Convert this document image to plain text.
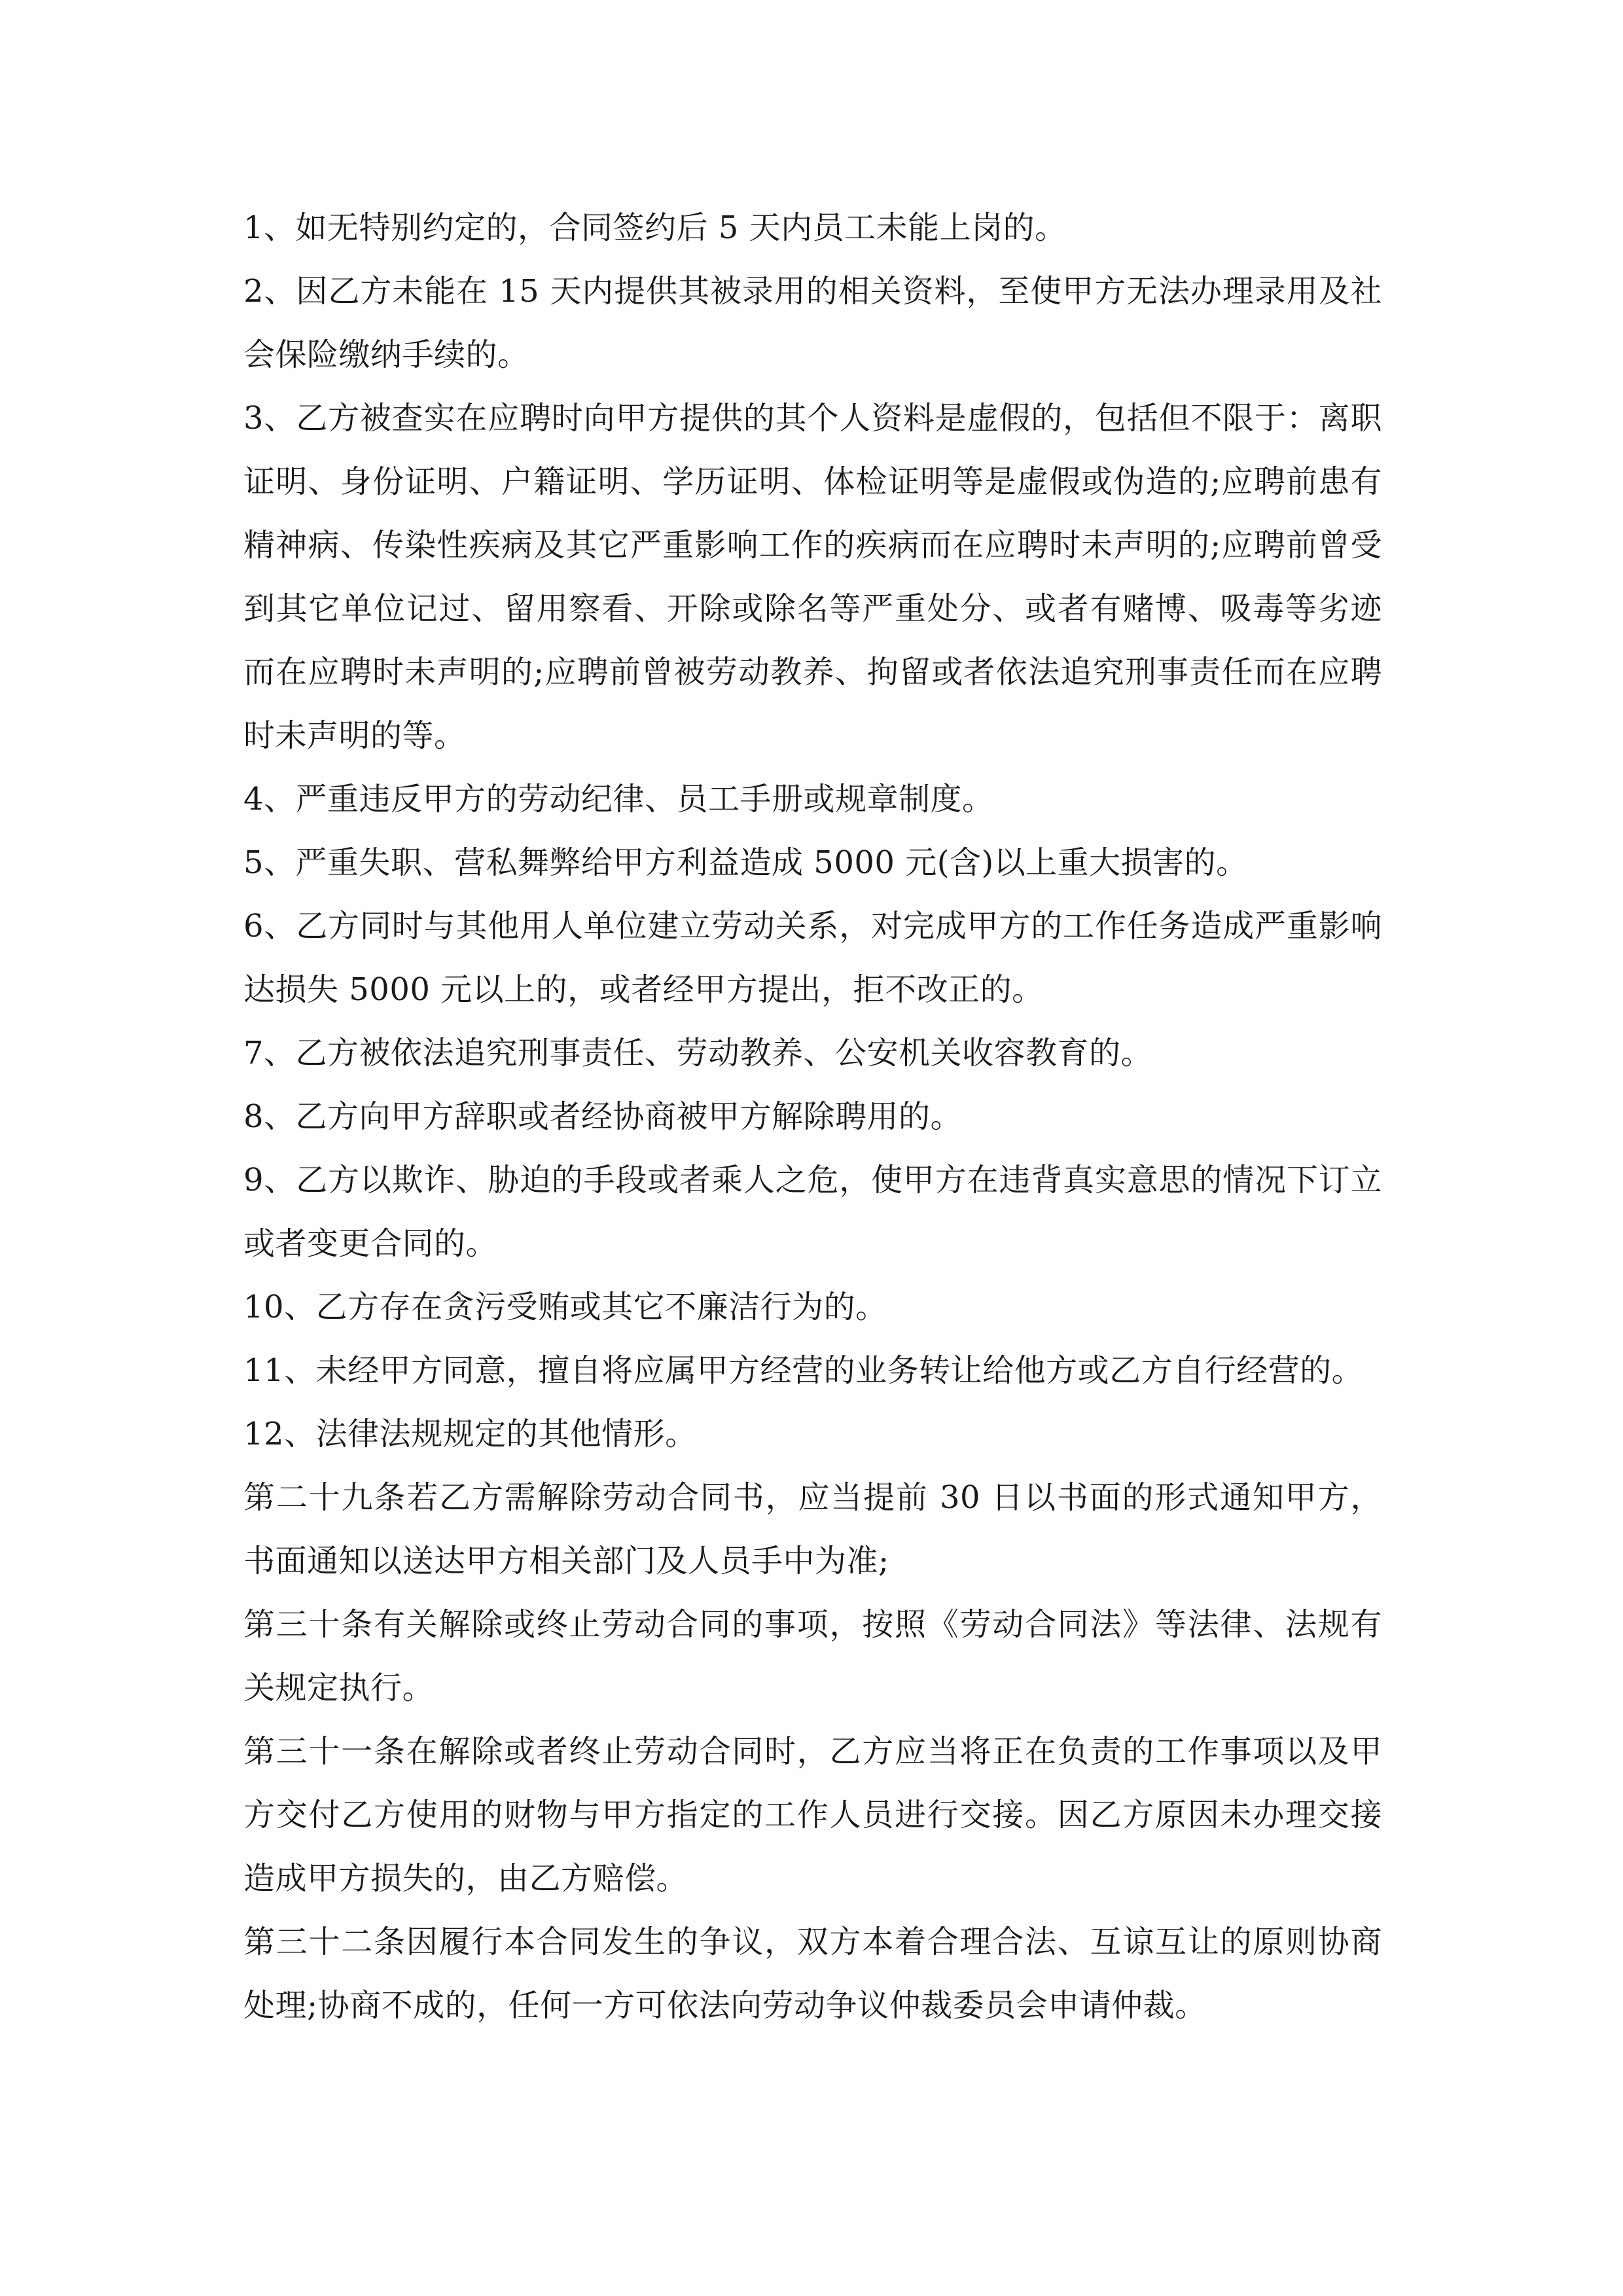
1、如无特别约定的，合同签约后 5 天内员工未能上岗的。

2、因乙方未能在 15 天内提供其被录用的相关资料，至使甲方无法办理录用及社会保险缴纳手续的。

3、乙方被查实在应聘时向甲方提供的其个人资料是虚假的，包括但不限于：离职证明、身份证明、户籍证明、学历证明、体检证明等是虚假或伪造的;应聘前患有精神病、传染性疾病及其它严重影响工作的疾病而在应聘时未声明的;应聘前曾受到其它单位记过、留用察看、开除或除名等严重处分、或者有赌博、吸毒等劣迹而在应聘时未声明的;应聘前曾被劳动教养、拘留或者依法追究刑事责任而在应聘时未声明的等。

4、严重违反甲方的劳动纪律、员工手册或规章制度。

5、严重失职、营私舞弊给甲方利益造成 5000 元(含)以上重大损害的。

6、乙方同时与其他用人单位建立劳动关系，对完成甲方的工作任务造成严重影响达损失 5000 元以上的，或者经甲方提出，拒不改正的。

7、乙方被依法追究刑事责任、劳动教养、公安机关收容教育的。

8、乙方向甲方辞职或者经协商被甲方解除聘用的。

9、乙方以欺诈、胁迫的手段或者乘人之危，使甲方在违背真实意思的情况下订立或者变更合同的。

10、乙方存在贪污受贿或其它不廉洁行为的。

11、未经甲方同意，擅自将应属甲方经营的业务转让给他方或乙方自行经营的。

12、法律法规规定的其他情形。

第二十九条若乙方需解除劳动合同书，应当提前 30 日以书面的形式通知甲方，书面通知以送达甲方相关部门及人员手中为准;

第三十条有关解除或终止劳动合同的事项，按照《劳动合同法》等法律、法规有关规定执行。

第三十一条在解除或者终止劳动合同时，乙方应当将正在负责的工作事项以及甲方交付乙方使用的财物与甲方指定的工作人员进行交接。因乙方原因未办理交接造成甲方损失的，由乙方赔偿。

第三十二条因履行本合同发生的争议，双方本着合理合法、互谅互让的原则协商处理;协商不成的，任何一方可依法向劳动争议仲裁委员会申请仲裁。
